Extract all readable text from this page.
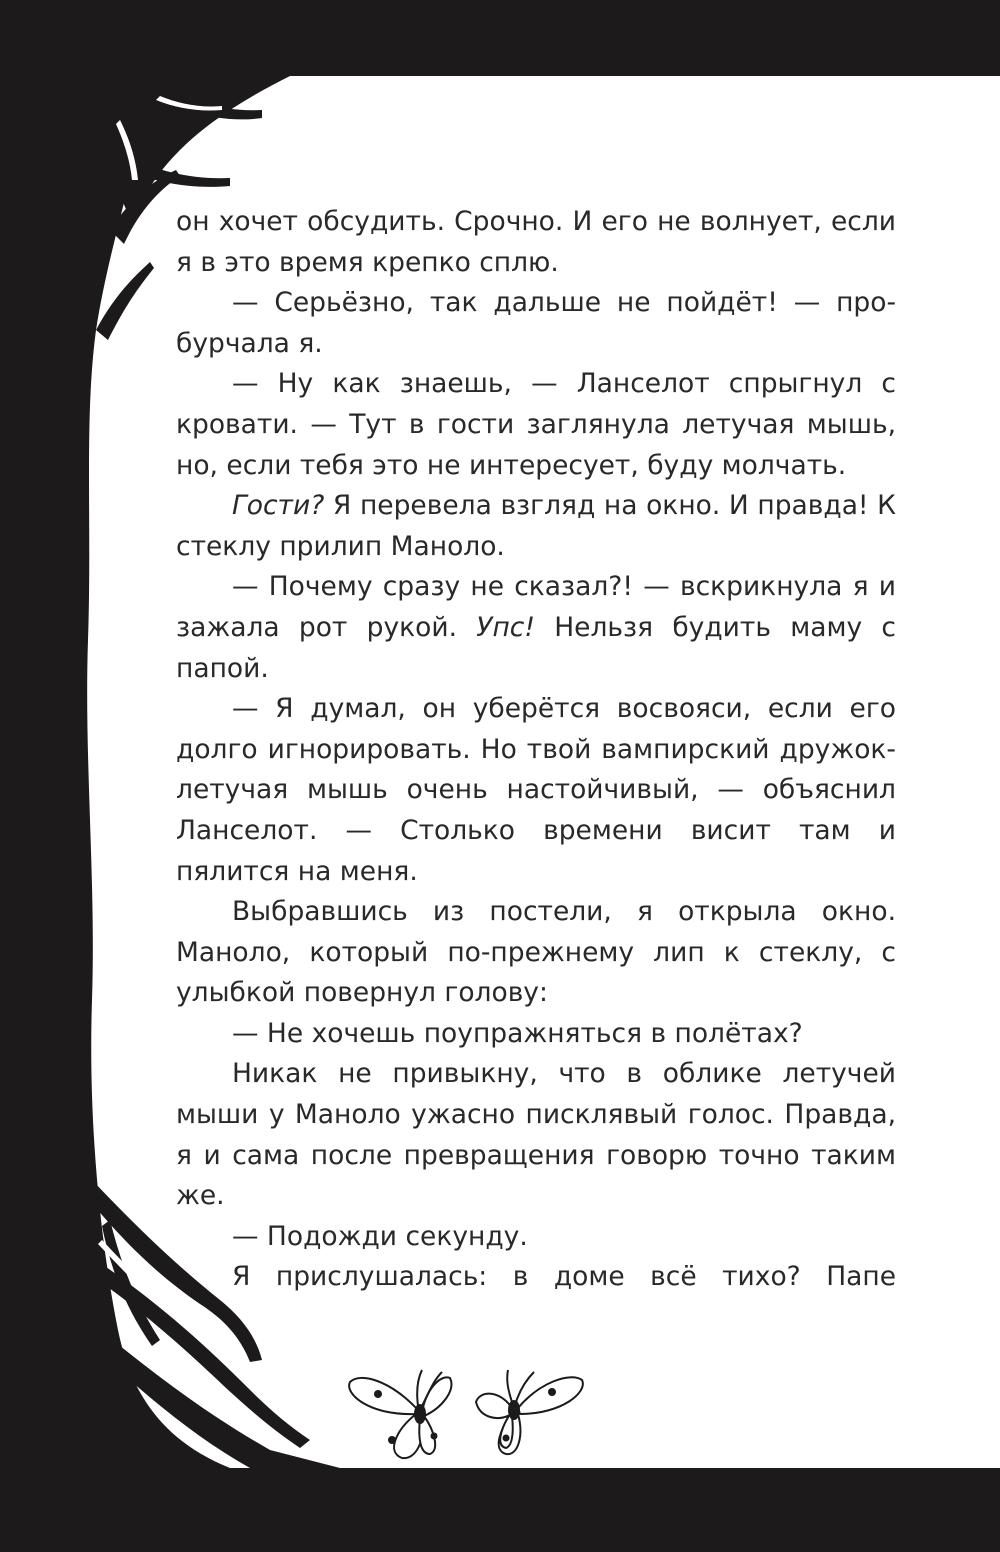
он хочет обсудить. Срочно. И его не волнует, если я в это время крепко сплю.

— Серьёзно, так дальше не пойдёт! — пробурчала я.

— Ну как знаешь, — Ланселот спрыгнул с кровати. — Тут в гости заглянула летучая мышь, но, если тебя это не интересует, буду молчать.

Гости? Я перевела взгляд на окно. И правда! К стеклу прилип Маноло.

— Почему сразу не сказал?! — вскрикнула я и зажала рот рукой. Упс! Нельзя будить маму с папой.

— Я думал, он уберётся восвояси, если его долго игнорировать. Но твой вампирский дружок-летучая мышь очень настойчивый, — объяснил Ланселот. — Столько времени висит там и пялится на меня.

Выбравшись из постели, я открыла окно. Маноло, который по-прежнему лип к стеклу, с улыбкой повернул голову:

— Не хочешь поупражняться в полётах?

Никак не привыкну, что в облике летучей мыши у Маноло ужасно писклявый голос. Правда, я и сама после превращения говорю точно таким же.

— Подожди секунду.

Я прислушалась: в доме всё тихо? Папе
